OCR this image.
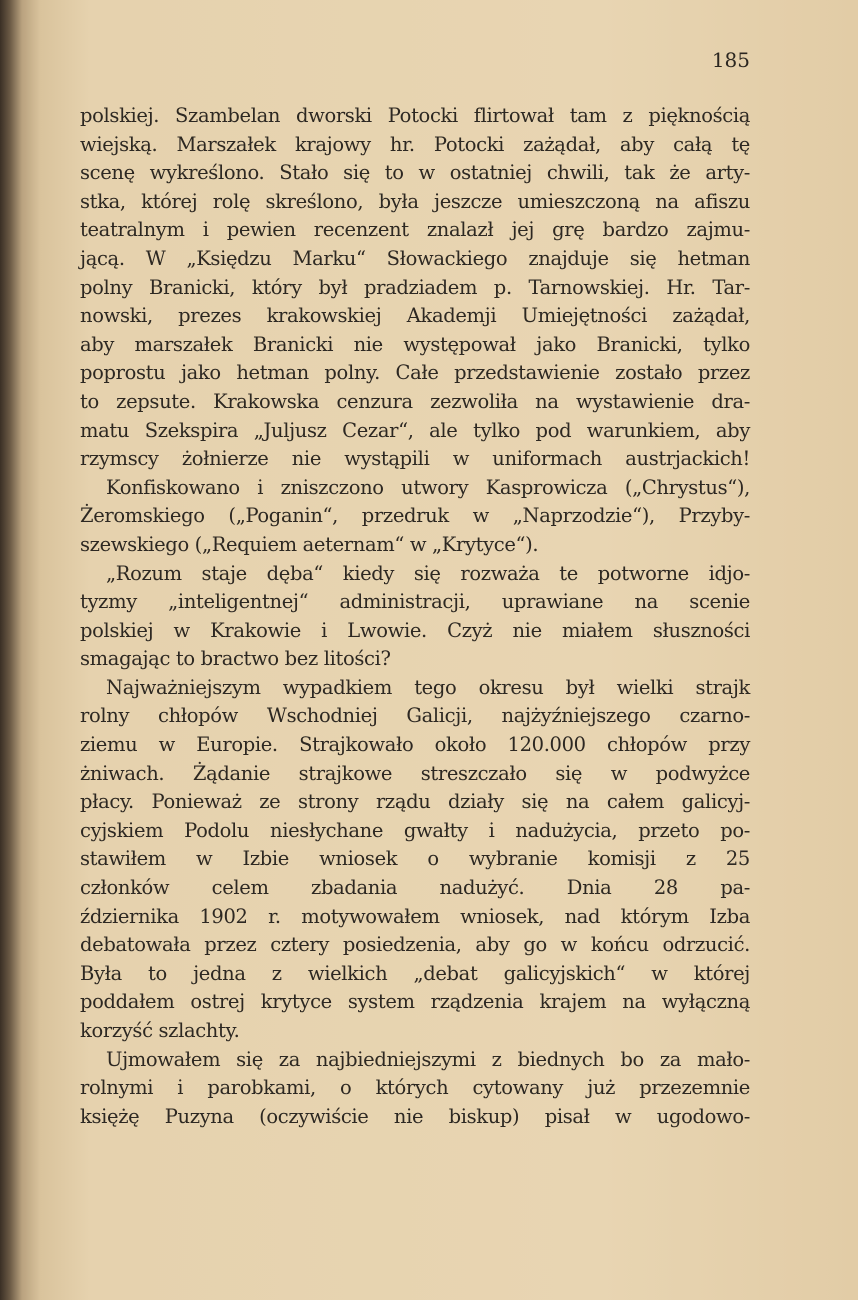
185
polskiej. Szambelan dworski Potocki flirtował tam z pięknością
wiejską. Marszałek krajowy hr. Potocki zażądał, aby całą tę
scenę wykreślono. Stało się to w ostatniej chwili, tak że arty-
stka, której rolę skreślono, była jeszcze umieszczoną na afiszu
teatralnym i pewien recenzent znalazł jej grę bardzo zajmu-
jącą. W „Księdzu Marku“ Słowackiego znajduje się hetman
polny Branicki, który był pradziadem p. Tarnowskiej. Hr. Tar-
nowski, prezes krakowskiej Akademji Umiejętności zażądał,
aby marszałek Branicki nie występował jako Branicki, tylko
poprostu jako hetman polny. Całe przedstawienie zostało przez
to zepsute. Krakowska cenzura zezwoliła na wystawienie dra-
matu Szekspira „Juljusz Cezar“, ale tylko pod warunkiem, aby
rzymscy żołnierze nie wystąpili w uniformach austrjackich!
Konfiskowano i zniszczono utwory Kasprowicza („Chrystus“),
Żeromskiego („Poganin“, przedruk w „Naprzodzie“), Przyby-
szewskiego („Requiem aeternam“ w „Krytyce“).
„Rozum staje dęba“ kiedy się rozważa te potworne idjo-
tyzmy „inteligentnej“ administracji, uprawiane na scenie
polskiej w Krakowie i Lwowie. Czyż nie miałem słuszności
smagając to bractwo bez litości?
Najważniejszym wypadkiem tego okresu był wielki strajk
rolny chłopów Wschodniej Galicji, najżyźniejszego czarno-
ziemu w Europie. Strajkowało około 120.000 chłopów przy
żniwach. Żądanie strajkowe streszczało się w podwyżce
płacy. Ponieważ ze strony rządu działy się na całem galicyj-
cyjskiem Podolu niesłychane gwałty i nadużycia, przeto po-
stawiłem w Izbie wniosek o wybranie komisji z 25
członków celem zbadania nadużyć. Dnia 28 pa-
ździernika 1902 r. motywowałem wniosek, nad którym Izba
debatowała przez cztery posiedzenia, aby go w końcu odrzucić.
Była to jedna z wielkich „debat galicyjskich“ w której
poddałem ostrej krytyce system rządzenia krajem na wyłączną
korzyść szlachty.
Ujmowałem się za najbiedniejszymi z biednych bo za mało-
rolnymi i parobkami, o których cytowany już przezemnie
księżę Puzyna (oczywiście nie biskup) pisał w ugodowo-
